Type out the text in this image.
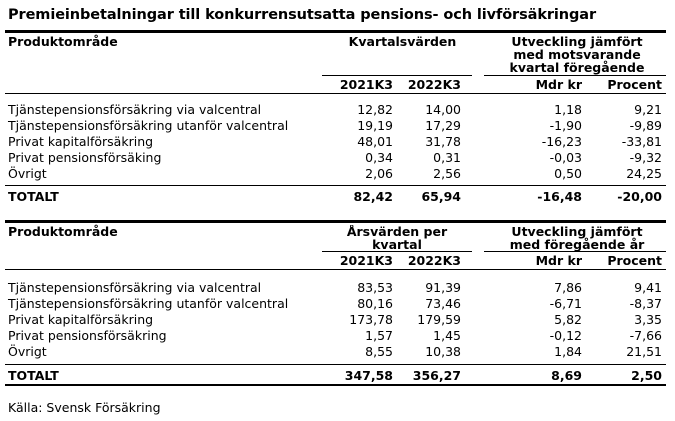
Premieinbetalningar till konkurrensutsatta pensions- och livförsäkringar
Produktområde	Kvartalsvärden	Utveckling jämfört
med motsvarande
kvartal föregående
2021K3 2022K3	Mdr kr Procent
Tjänstepensionsförsäkring via valcentral	12,82	14,00	1,18	9,21
Tjänstepensionsförsäkring utanför valcentral	19,19	17,29	-1,90	-9,89
Privat kapitalförsäkring	48,01	31,78	-16,23	-33,81
Privat pensionsförsäking	0,34	0,31	-0,03	-9,32
Övrigt	2,06	2,56	0,50	24,25
TOTALT	82,42 65,94	-16,48	-20,00
Produktområde	Årsvärden per
kvartal
Utveckling jämfört
med föregående år
2021K3 2022K3	Mdr kr Procent
Tjänstepensionsförsäkring via valcentral	83,53	91,39	7,86	9,41
Tjänstepensionsförsäkring utanför valcentral	80,16	73,46	-6,71	-8,37
Privat kapitalförsäkring	173,78 179,59	5,82	3,35
Privat pensionsförsäkring	1,57	1,45	-0,12	-7,66
Övrigt	8,55	10,38	1,84	21,51
TOTALT	347,58 356,27	8,69	2,50
Källa: Svensk Försäkring
